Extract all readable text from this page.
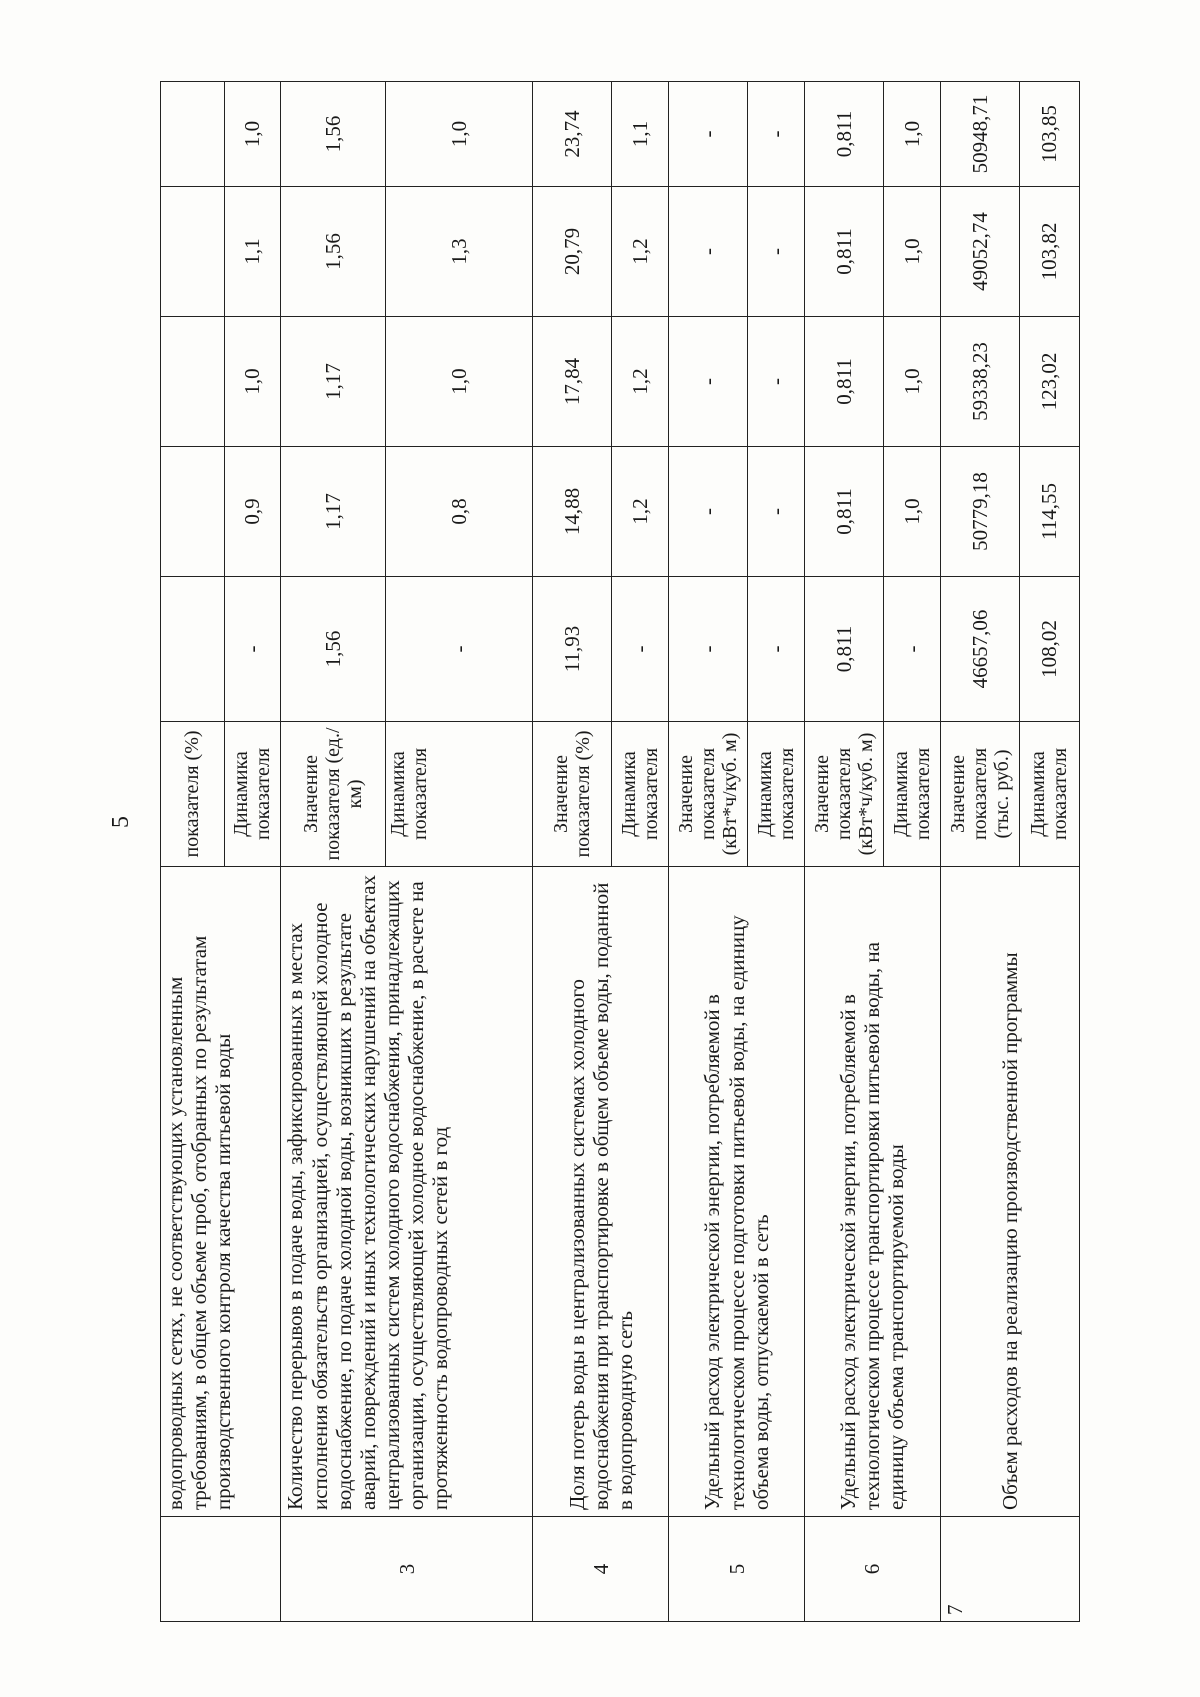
5
	водопроводных сетях, не соответствующих установленным требованиям, в общем объеме проб, отобранных по результатам производственного контроля качества питьевой воды	показателя (%)					
		Динамика показателя	-	0,9	1,0	1,1	1,0
3	Количество перерывов в подаче воды, зафиксированных в местах исполнения обязательств организацией, осуществляющей холодное водоснабжение, по подаче холодной воды, возникших в результате аварий, повреждений и иных технологических нарушений на объектах централизованных систем холодного водоснабжения, принадлежащих организации, осуществляющей холодное водоснабжение, в расчете на протяженность водопроводных сетей в год	Значение показателя (ед./км)	1,56	1,17	1,17	1,56	1,56
		Динамика показателя	-	0,8	1,0	1,3	1,0
4	Доля потерь воды в централизованных системах холодного водоснабжения при транспортировке в общем объеме воды, поданной в водопроводную сеть	Значение показателя (%)	11,93	14,88	17,84	20,79	23,74
		Динамика показателя	-	1,2	1,2	1,2	1,1
5	Удельный расход электрической энергии, потребляемой в технологическом процессе подготовки питьевой воды, на единицу объема воды, отпускаемой в сеть	Значение показателя (кВт*ч/куб. м)	-	-	-	-	-
		Динамика показателя	-	-	-	-	-
6	Удельный расход электрической энергии, потребляемой в технологическом процессе транспортировки питьевой воды, на единицу объема транспортируемой воды	Значение показателя (кВт*ч/куб. м)	0,811	0,811	0,811	0,811	0,811
		Динамика показателя	-	1,0	1,0	1,0	1,0
7	Объем расходов на реализацию производственной программы	Значение показателя (тыс. руб.)	46657,06	50779,18	59338,23	49052,74	50948,71
		Динамика показателя	108,02	114,55	123,02	103,82	103,85
